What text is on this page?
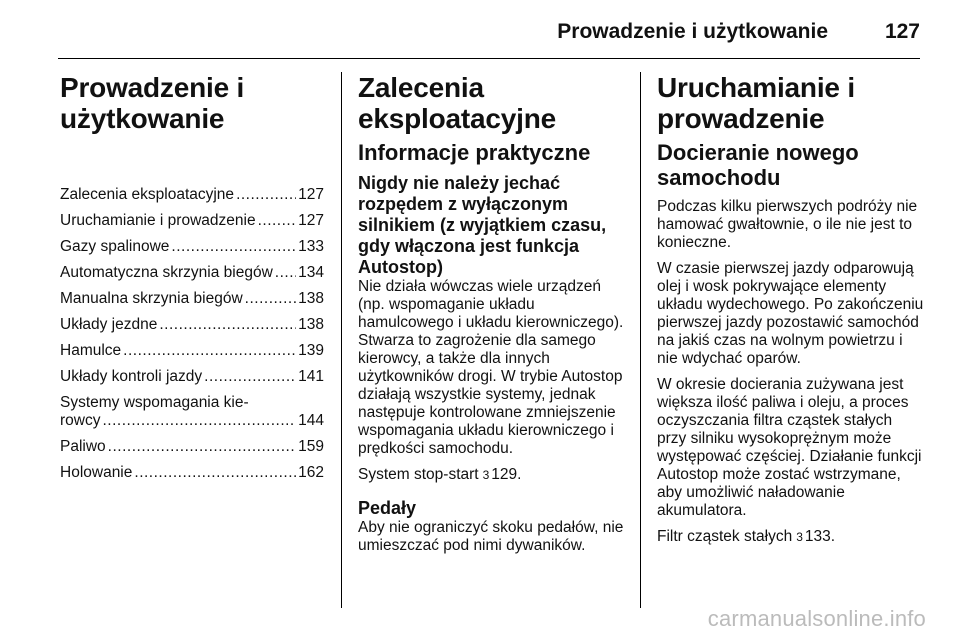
Prowadzenie i użytkowanie	127
Prowadzenie i użytkowanie
Zalecenia eksploatacyjne .....	127
Uruchamianie i prowadzenie .....	127
Gazy spalinowe .....	133
Automatyczna skrzynia biegów ..... 134
Manualna skrzynia biegów .....	138
Układy jezdne .....	138
Hamulce .....	139
Układy kontroli jazdy .....	141
Systemy wspomagania kie-
rowcy .....	144
Paliwo .....	159
Holowanie .....	162
Zalecenia eksploatacyjne
Informacje praktyczne
Nigdy nie należy jechać rozpędem z wyłączonym silnikiem (z wyjątkiem czasu, gdy włączona jest funkcja Autostop)

Nie działa wówczas wiele urządzeń (np. wspomaganie układu hamulcowego i układu kierowniczego). Stwarza to zagrożenie dla samego kierowcy, a także dla innych użytkowników drogi. W trybie Autostop działają wszystkie systemy, jednak następuje kontrolowane zmniejszenie wspomagania układu kierowniczego i prędkości samochodu.

System stop-start 3 129.

Pedały

Aby nie ograniczyć skoku pedałów, nie umieszczać pod nimi dywaników.

Uruchamianie i prowadzenie
Docieranie nowego samochodu

Podczas kilku pierwszych podróży nie hamować gwałtownie, o ile nie jest to konieczne.

W czasie pierwszej jazdy odparowują olej i wosk pokrywające elementy układu wydechowego. Po zakończeniu pierwszej jazdy pozostawić samochód na jakiś czas na wolnym powietrzu i nie wdychać oparów.

W okresie docierania zużywana jest większa ilość paliwa i oleju, a proces oczyszczania filtra cząstek stałych przy silniku wysokoprężnym może występować częściej. Działanie funkcji Autostop może zostać wstrzymane, aby umożliwić naładowanie akumulatora.

Filtr cząstek stałych 3 133.

carmanualsonline.info
